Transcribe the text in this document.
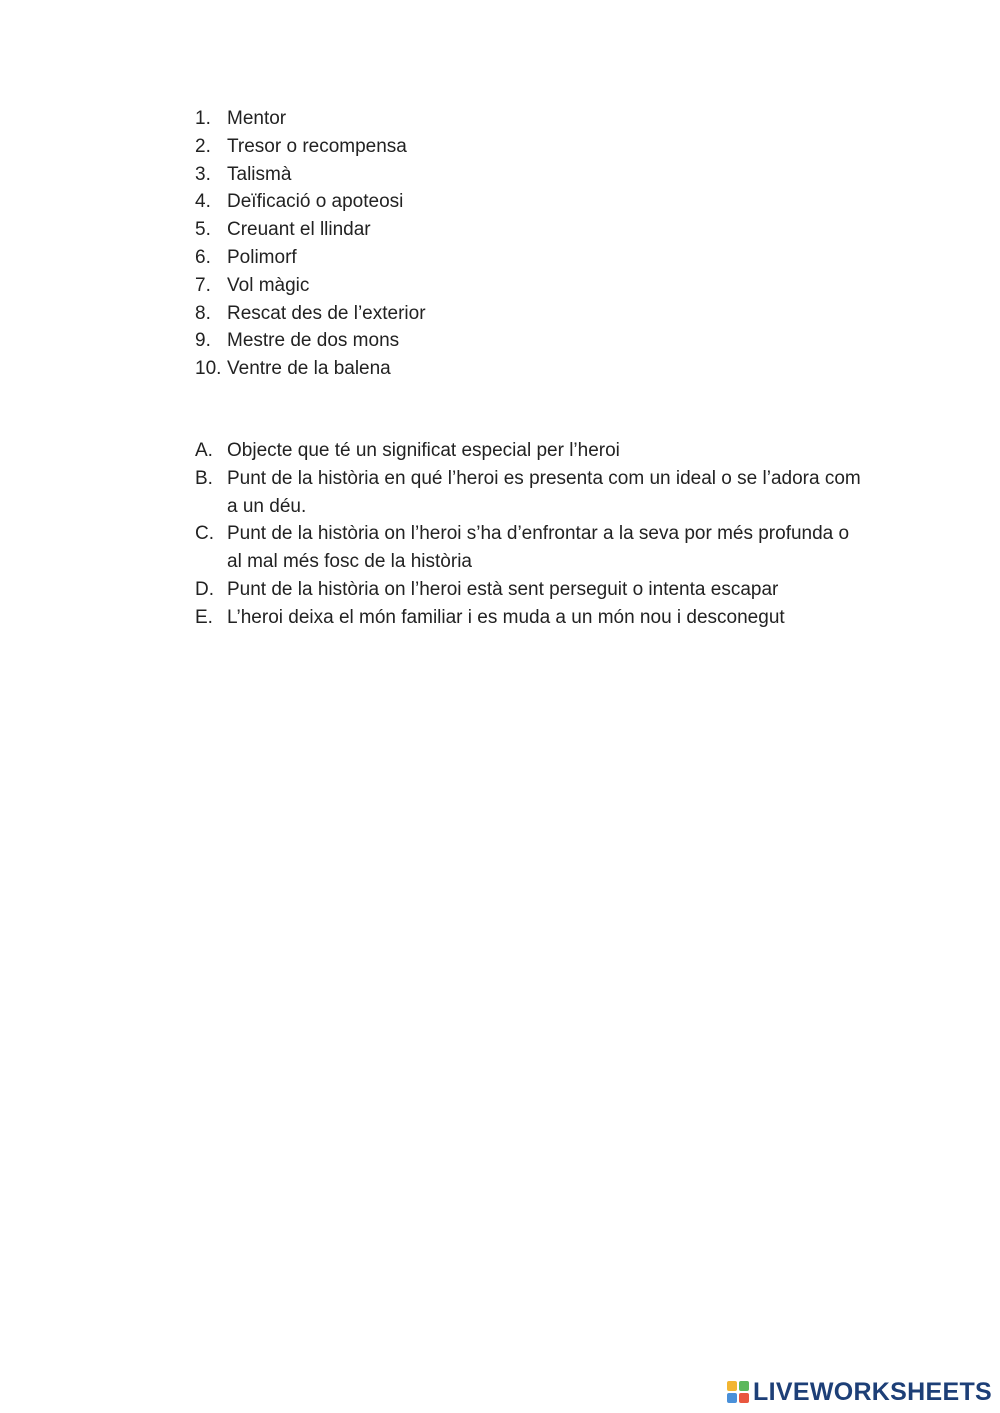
1. Mentor
2. Tresor o recompensa
3. Talismà
4. Deïficació o apoteosi
5. Creuant el llindar
6. Polimorf
7. Vol màgic
8. Rescat des de l’exterior
9. Mestre de dos mons
10. Ventre de la balena
A. Objecte que té un significat especial per l’heroi
B. Punt de la història en qué l’heroi es presenta com un ideal o se l’adora com a un déu.
C. Punt de la història on l’heroi s’ha d’enfrontar a la seva por més profunda o al mal més fosc de la història
D. Punt de la història on l’heroi està sent perseguit o intenta escapar
E. L’heroi deixa el món familiar i es muda a un món nou i desconegut
LIVEWORKSHEETS
